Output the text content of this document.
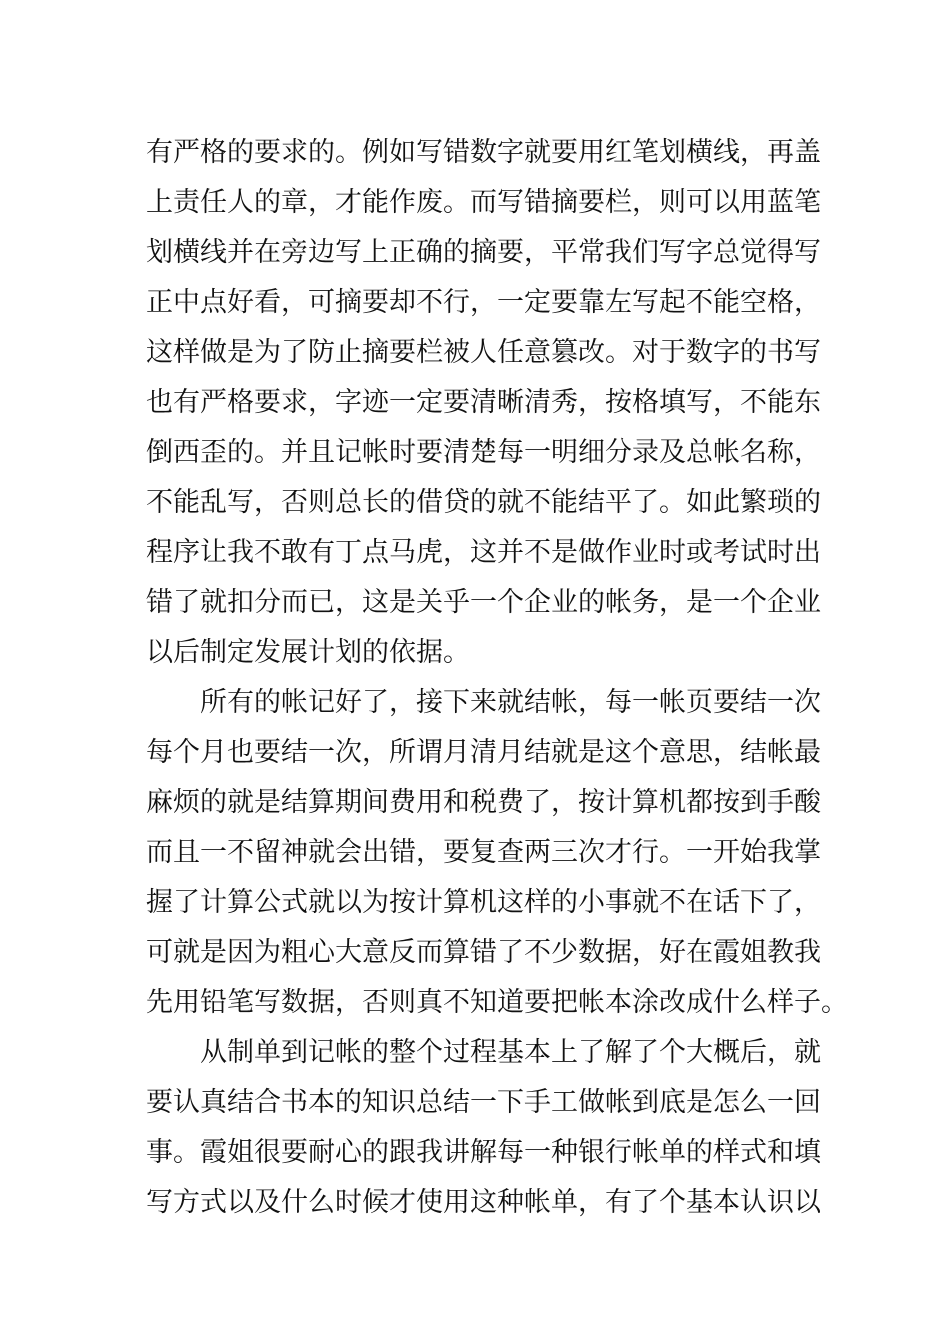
有严格的要求的。例如写错数字就要用红笔划横线，再盖
上责任人的章，才能作废。而写错摘要栏，则可以用蓝笔
划横线并在旁边写上正确的摘要，平常我们写字总觉得写
正中点好看，可摘要却不行，一定要靠左写起不能空格，
这样做是为了防止摘要栏被人任意篡改。对于数字的书写
也有严格要求，字迹一定要清晰清秀，按格填写，不能东
倒西歪的。并且记帐时要清楚每一明细分录及总帐名称，
不能乱写，否则总长的借贷的就不能结平了。如此繁琐的
程序让我不敢有丁点马虎，这并不是做作业时或考试时出
错了就扣分而已，这是关乎一个企业的帐务，是一个企业
以后制定发展计划的依据。
所有的帐记好了，接下来就结帐，每一帐页要结一次
每个月也要结一次，所谓月清月结就是这个意思，结帐最
麻烦的就是结算期间费用和税费了，按计算机都按到手酸
而且一不留神就会出错，要复查两三次才行。一开始我掌
握了计算公式就以为按计算机这样的小事就不在话下了，
可就是因为粗心大意反而算错了不少数据，好在霞姐教我
先用铅笔写数据，否则真不知道要把帐本涂改成什么样子。
从制单到记帐的整个过程基本上了解了个大概后，就
要认真结合书本的知识总结一下手工做帐到底是怎么一回
事。霞姐很要耐心的跟我讲解每一种银行帐单的样式和填
写方式以及什么时候才使用这种帐单，有了个基本认识以
